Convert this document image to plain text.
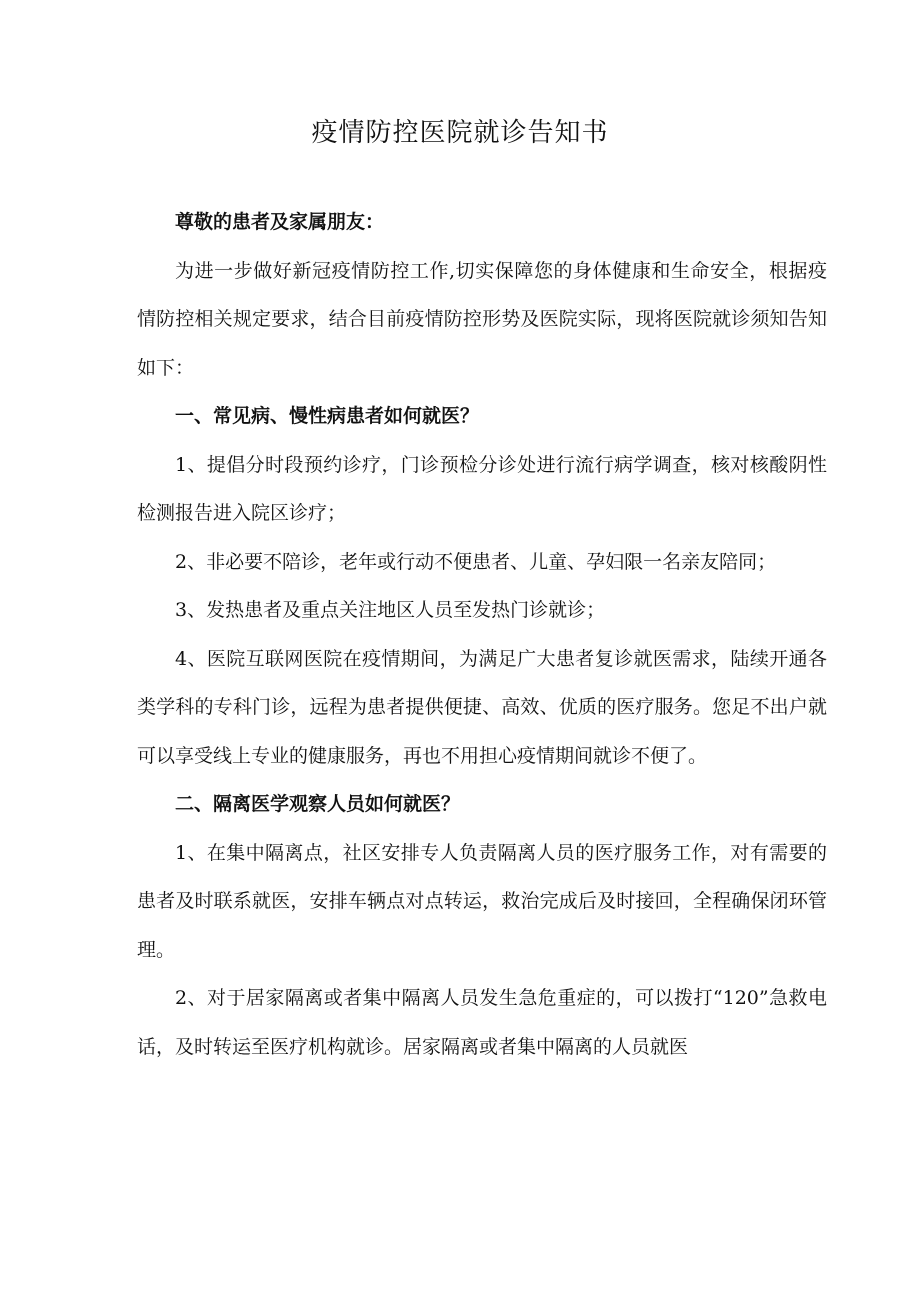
疫情防控医院就诊告知书

尊敬的患者及家属朋友：

为进一步做好新冠疫情防控工作,切实保障您的身体健康和生命安全，根据疫情防控相关规定要求，结合目前疫情防控形势及医院实际，现将医院就诊须知告知如下：

一、常见病、慢性病患者如何就医？

1、提倡分时段预约诊疗，门诊预检分诊处进行流行病学调查，核对核酸阴性检测报告进入院区诊疗；

2、非必要不陪诊，老年或行动不便患者、儿童、孕妇限一名亲友陪同；

3、发热患者及重点关注地区人员至发热门诊就诊；

4、医院互联网医院在疫情期间，为满足广大患者复诊就医需求，陆续开通各类学科的专科门诊，远程为患者提供便捷、高效、优质的医疗服务。您足不出户就可以享受线上专业的健康服务，再也不用担心疫情期间就诊不便了。

二、隔离医学观察人员如何就医？

1、在集中隔离点，社区安排专人负责隔离人员的医疗服务工作，对有需要的患者及时联系就医，安排车辆点对点转运，救治完成后及时接回，全程确保闭环管理。

2、对于居家隔离或者集中隔离人员发生急危重症的，可以拨打“120”急救电话，及时转运至医疗机构就诊。居家隔离或者集中隔离的人员就医
